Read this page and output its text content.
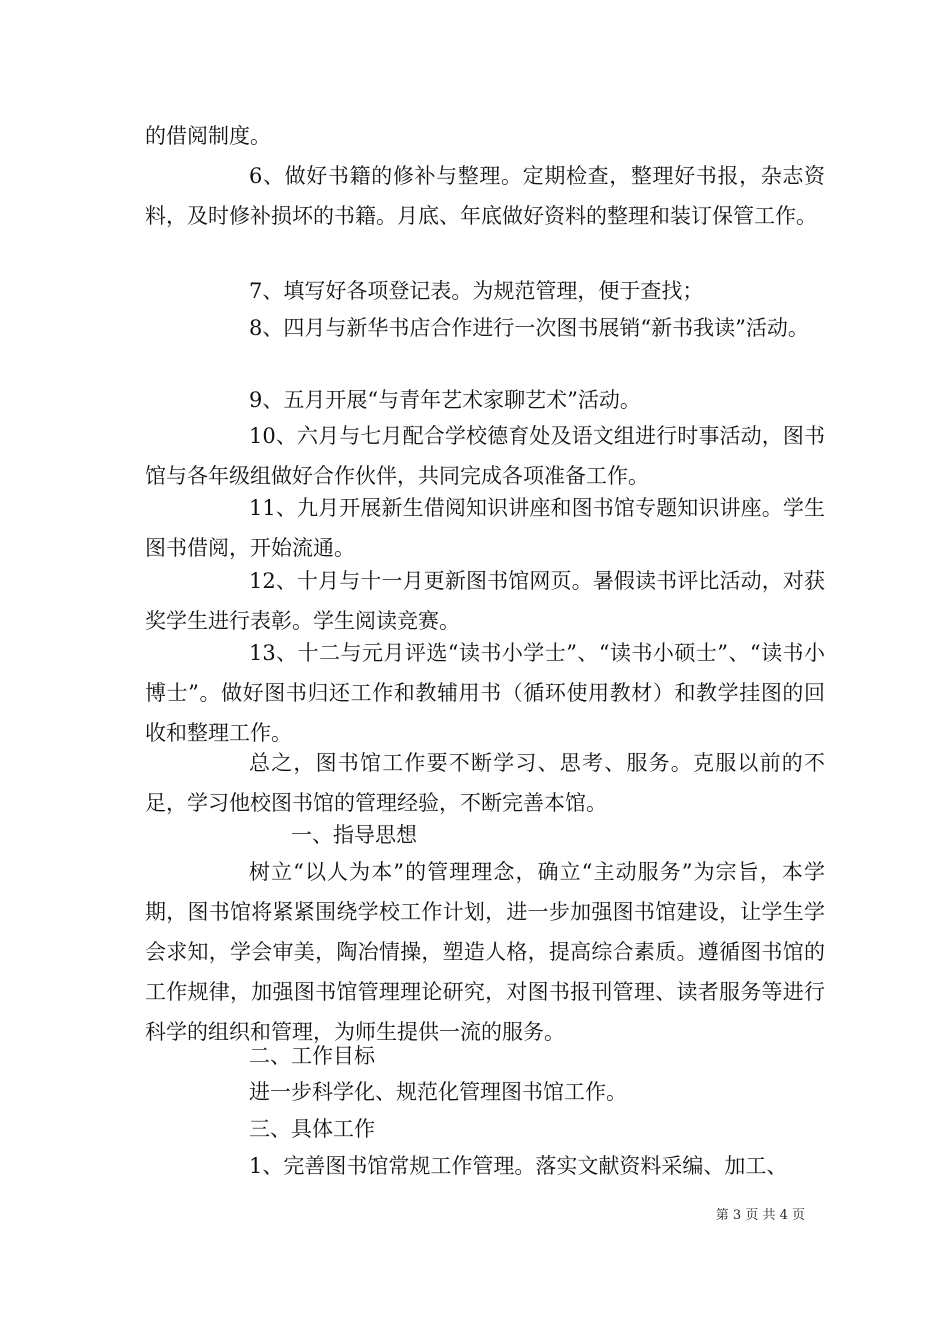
的借阅制度。

6、做好书籍的修补与整理。定期检查，整理好书报，杂志资料，及时修补损坏的书籍。月底、年底做好资料的整理和装订保管工作。

7、填写好各项登记表。为规范管理，便于查找；

8、四月与新华书店合作进行一次图书展销“新书我读”活动。

9、五月开展“与青年艺术家聊艺术”活动。

10、六月与七月配合学校德育处及语文组进行时事活动，图书馆与各年级组做好合作伙伴，共同完成各项准备工作。

11、九月开展新生借阅知识讲座和图书馆专题知识讲座。学生图书借阅，开始流通。

12、十月与十一月更新图书馆网页。暑假读书评比活动，对获奖学生进行表彰。学生阅读竞赛。

13、十二与元月评选“读书小学士”、“读书小硕士”、“读书小博士”。做好图书归还工作和教辅用书（循环使用教材）和教学挂图的回收和整理工作。

总之，图书馆工作要不断学习、思考、服务。克服以前的不足，学习他校图书馆的管理经验，不断完善本馆。

一、指导思想

树立“以人为本”的管理理念，确立“主动服务”为宗旨，本学期，图书馆将紧紧围绕学校工作计划，进一步加强图书馆建设，让学生学会求知，学会审美，陶冶情操，塑造人格，提高综合素质。遵循图书馆的工作规律，加强图书馆管理理论研究，对图书报刊管理、读者服务等进行科学的组织和管理，为师生提供一流的服务。

二、工作目标

进一步科学化、规范化管理图书馆工作。

三、具体工作

1、完善图书馆常规工作管理。落实文献资料采编、加工、

第 3 页 共 4 页
